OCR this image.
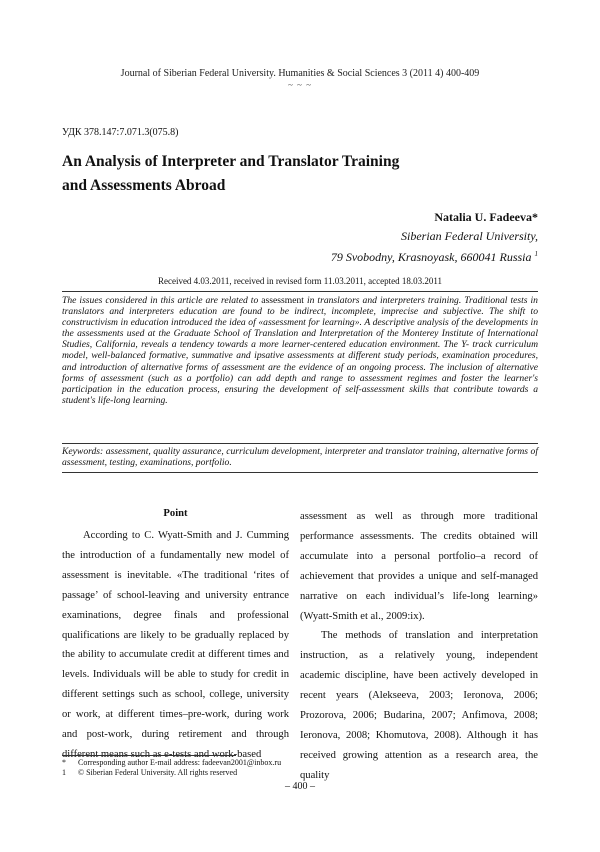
Journal of Siberian Federal University. Humanities & Social Sciences 3 (2011 4) 400-409
~ ~ ~
УДК 378.147:7.071.3(075.8)
An Analysis of Interpreter and Translator Training
and Assessments Abroad
Natalia U. Fadeeva*
Siberian Federal University,
79 Svobodny, Krasnoyask, 660041 Russia $^1$
Received 4.03.2011, received in revised form 11.03.2011, accepted 18.03.2011
The issues considered in this article are related to assessment in translators and interpreters training. Traditional tests in translators and interpreters education are found to be indirect, incomplete, imprecise and subjective. The shift to constructivism in education introduced the idea of «assessment for learning». A descriptive analysis of the developments in the assessments used at the Graduate School of Translation and Interpretation of the Monterey Institute of International Studies, California, reveals a tendency towards a more learner-centered education environment. The Y- track curriculum model, well-balanced formative, summative and ipsative assessments at different study periods, examination procedures, and introduction of alternative forms of assessment are the evidence of an ongoing process. The inclusion of alternative forms of assessment (such as a portfolio) can add depth and range to assessment regimes and foster the learner's participation in the education process, ensuring the development of self-assessment skills that contribute towards a student's life-long learning.
Keywords: assessment, quality assurance, curriculum development, interpreter and translator training, alternative forms of assessment, testing, examinations, portfolio.
Point

According to C. Wyatt-Smith and J. Cumming the introduction of a fundamentally new model of assessment is inevitable. «The traditional ‘rites of passage’ of school-leaving and university entrance examinations, degree finals and professional qualifications are likely to be gradually replaced by the ability to accumulate credit at different times and levels. Individuals will be able to study for credit in different settings such as school, college, university or work, at different times–pre-work, during work and post-work, during retirement and through different means such as e-tests and work-based

assessment as well as through more traditional performance assessments. The credits obtained will accumulate into a personal portfolio–a record of achievement that provides a unique and self-managed narrative on each individual’s life-long learning» (Wyatt-Smith et al., 2009:ix).

The methods of translation and interpretation instruction, as a relatively young, independent academic discipline, have been actively developed in recent years (Alekseeva, 2003; Ieronova, 2006; Prozorova, 2006; Budarina, 2007; Anfimova, 2008; Ieronova, 2008; Khomutova, 2008). Although it has received growing attention as a research area, the quality

* Corresponding author E-mail address: fadeevan2001@inbox.ru
1 © Siberian Federal University. All rights reserved
– 400 –
